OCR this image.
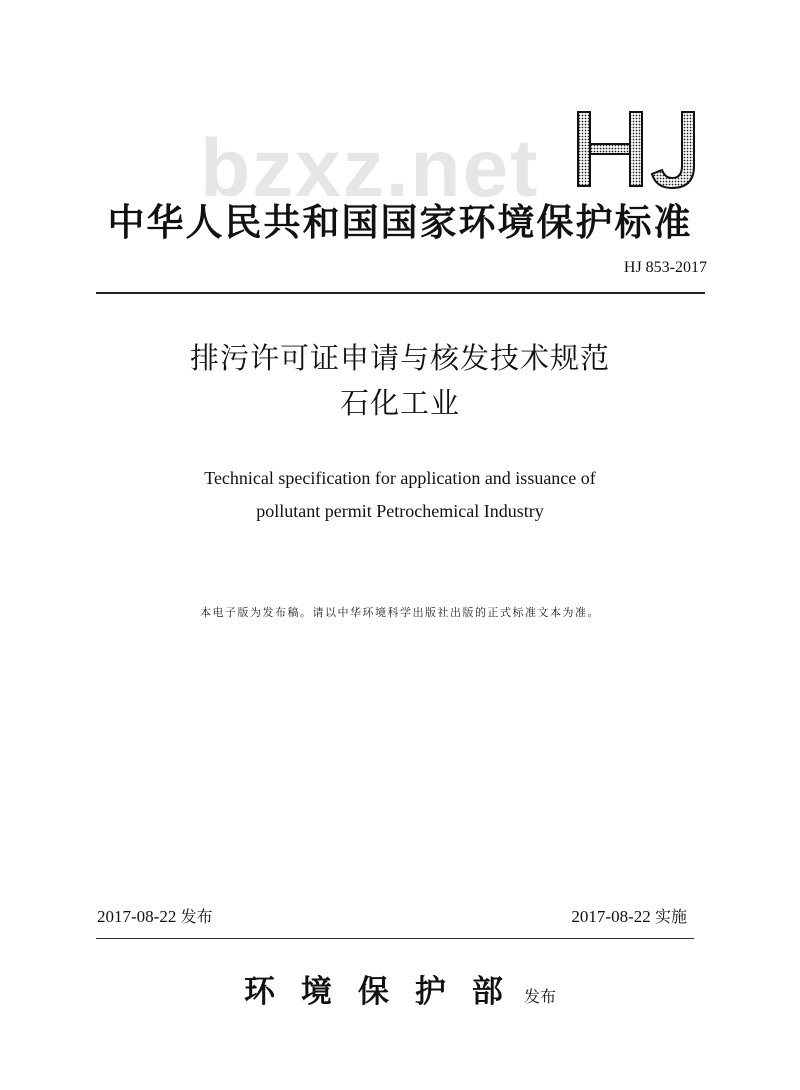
bzxz.net
中华人民共和国国家环境保护标准
HJ 853-2017
排污许可证申请与核发技术规范
石化工业
Technical specification for application and issuance of
pollutant permit Petrochemical Industry
本电子版为发布稿。请以中华环境科学出版社出版的正式标准文本为准。
2017-08-22 发布	2017-08-22 实施
环境保护部 发布
